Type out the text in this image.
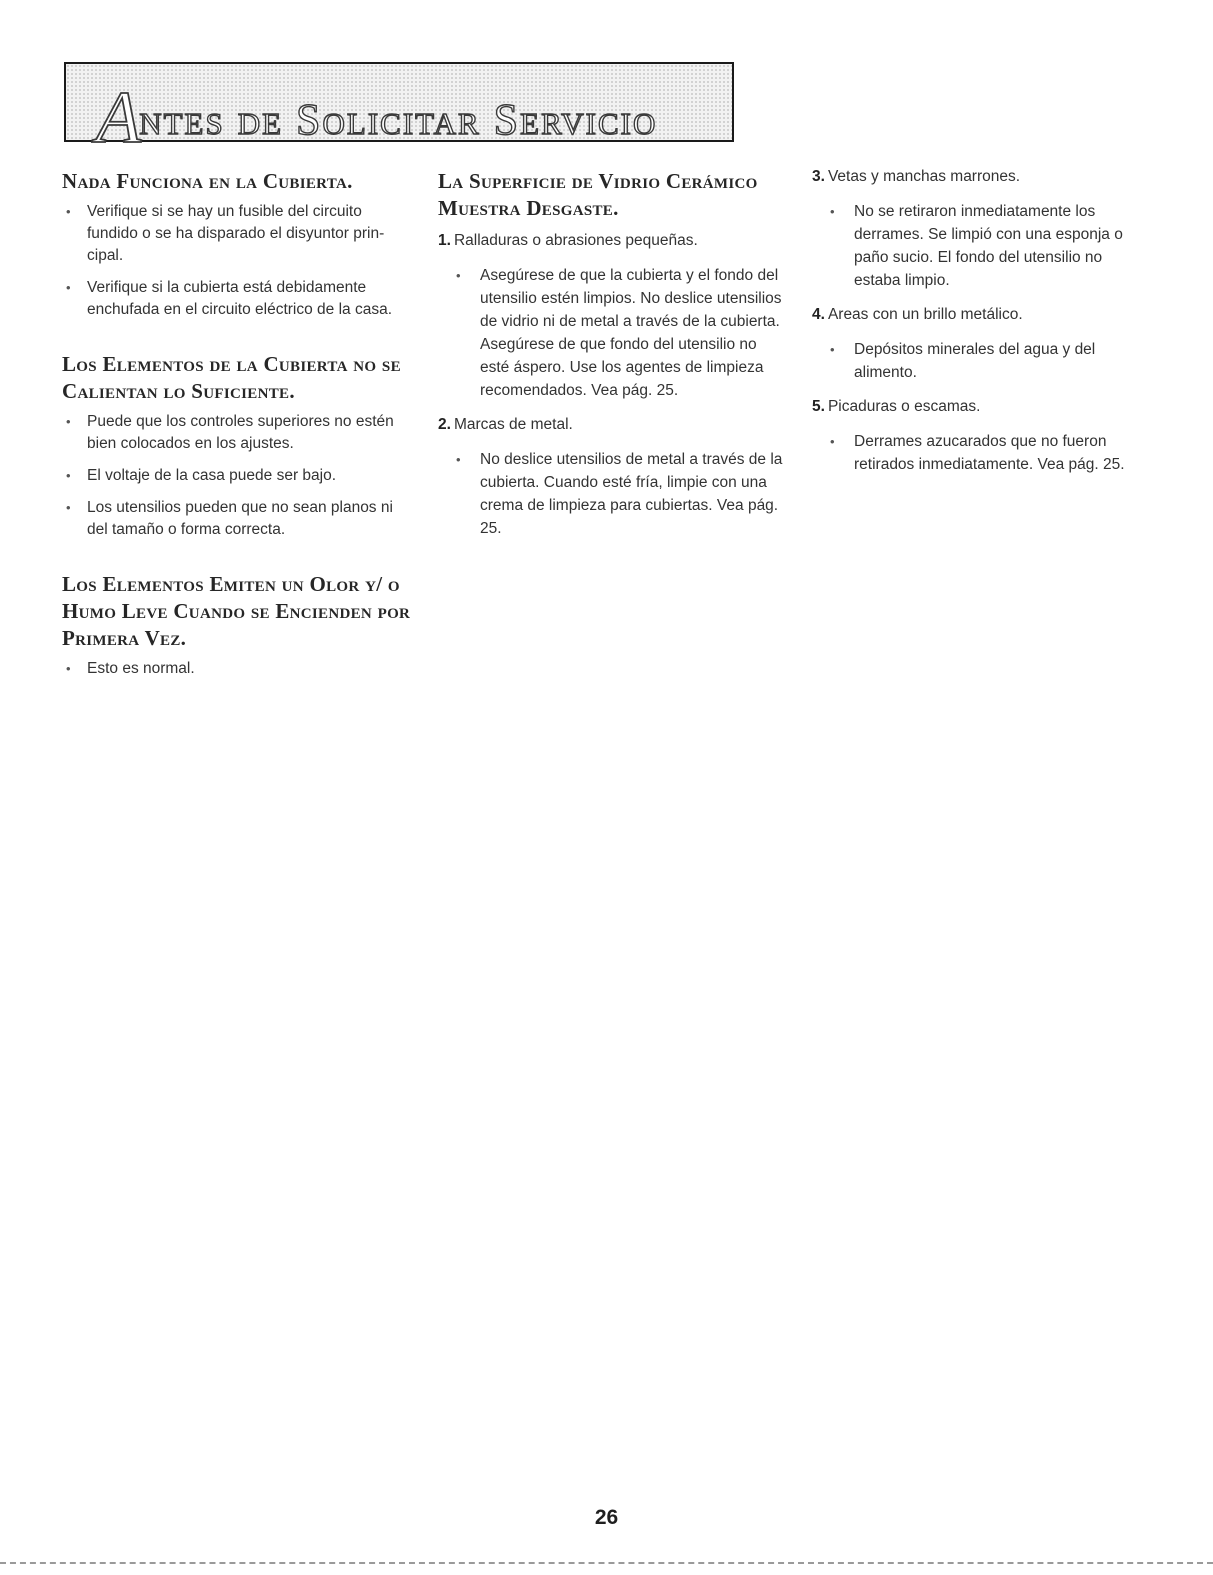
Antes de Solicitar Servicio
Nada Funciona en la Cubierta.
• Verifique si se hay un fusible del circuito fundido o se ha disparado el disyuntor prin-cipal.
• Verifique si la cubierta está debidamente enchufada en el circuito eléctrico de la casa.
Los Elementos de la Cubierta no se Calientan lo Suficiente.
• Puede que los controles superiores no estén bien colocados en los ajustes.
• El voltaje de la casa puede ser bajo.
• Los utensilios pueden que no sean planos ni del tamaño o forma correcta.
Los Elementos Emiten un Olor y/ o Humo Leve Cuando se Encienden por Primera Vez.
• Esto es normal.
La Superficie de Vidrio Cerámico Muestra Desgaste.
1. Ralladuras o abrasiones pequeñas.
• Asegúrese de que la cubierta y el fondo del utensilio estén limpios. No deslice utensilios de vidrio ni de metal a través de la cubierta. Asegúrese de que fondo del utensilio no esté áspero. Use los agentes de limpieza recomendados. Vea pág. 25.
2. Marcas de metal.
• No deslice utensilios de metal a través de la cubierta. Cuando esté fría, limpie con una crema de limpieza para cubiertas. Vea pág. 25.
3. Vetas y manchas marrones.
• No se retiraron inmediatamente los derrames. Se limpió con una esponja o paño sucio. El fondo del utensilio no estaba limpio.
4. Areas con un brillo metálico.
• Depósitos minerales del agua y del alimento.
5. Picaduras o escamas.
• Derrames azucarados que no fueron retirados inmediatamente. Vea pág. 25.
26
